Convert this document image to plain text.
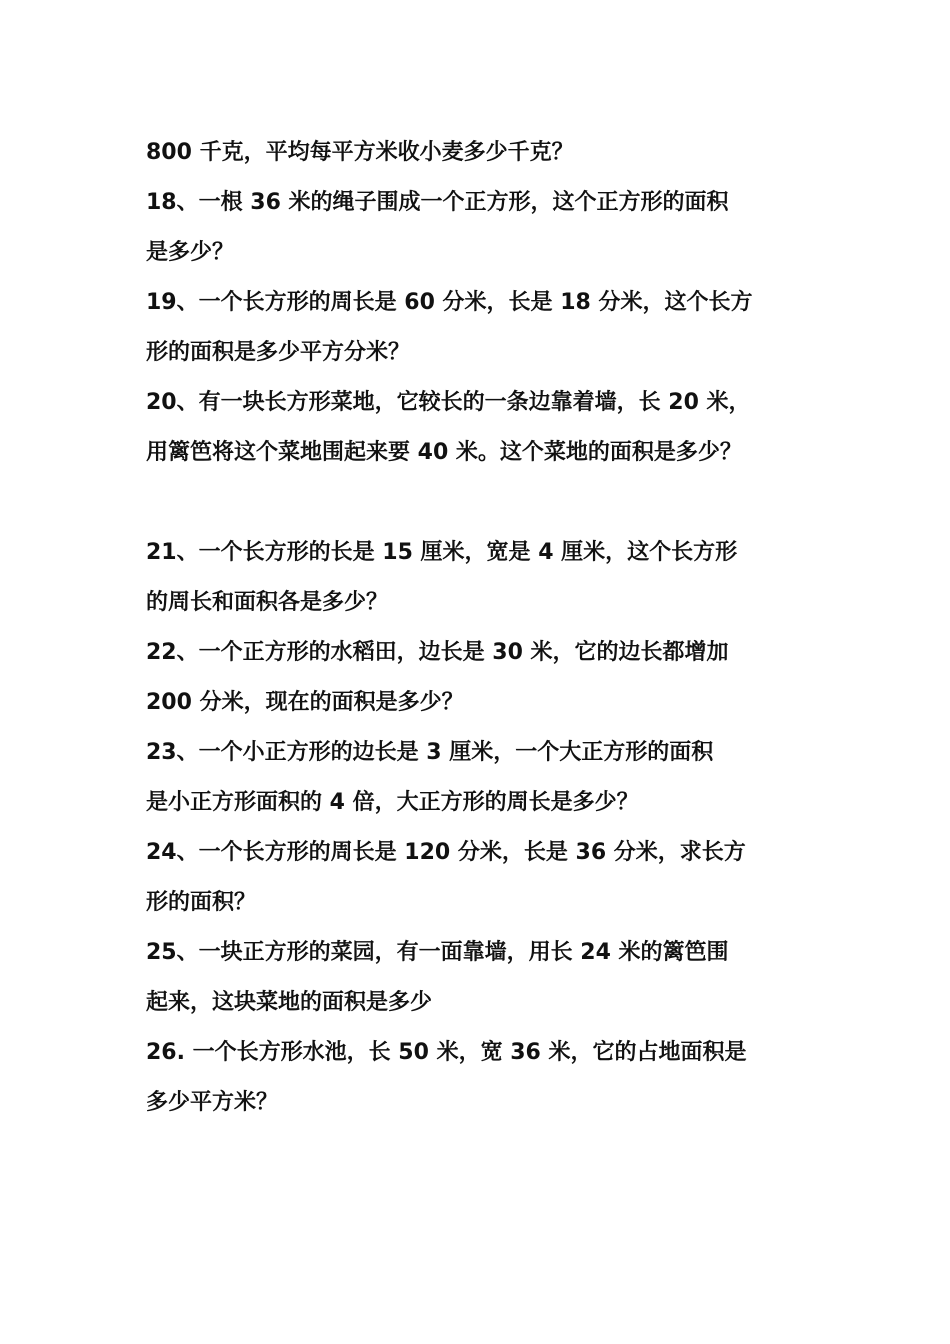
800 千克，平均每平方米收小麦多少千克？
18、一根 36 米的绳子围成一个正方形，这个正方形的面积
是多少？
19、一个长方形的周长是 60 分米，长是 18 分米，这个长方
形的面积是多少平方分米？
20、有一块长方形菜地，它较长的一条边靠着墙，长 20 米，
用篱笆将这个菜地围起来要 40 米。这个菜地的面积是多少？
21、一个长方形的长是 15 厘米，宽是 4 厘米，这个长方形
的周长和面积各是多少？
22、一个正方形的水稻田，边长是 30 米，它的边长都增加
200 分米，现在的面积是多少？
23、一个小正方形的边长是 3 厘米，一个大正方形的面积
是小正方形面积的 4 倍，大正方形的周长是多少？
24、一个长方形的周长是 120 分米，长是 36 分米，求长方
形的面积？
25、一块正方形的菜园，有一面靠墙，用长 24 米的篱笆围
起来，这块菜地的面积是多少
26. 一个长方形水池，长 50 米，宽 36 米，它的占地面积是
多少平方米？
